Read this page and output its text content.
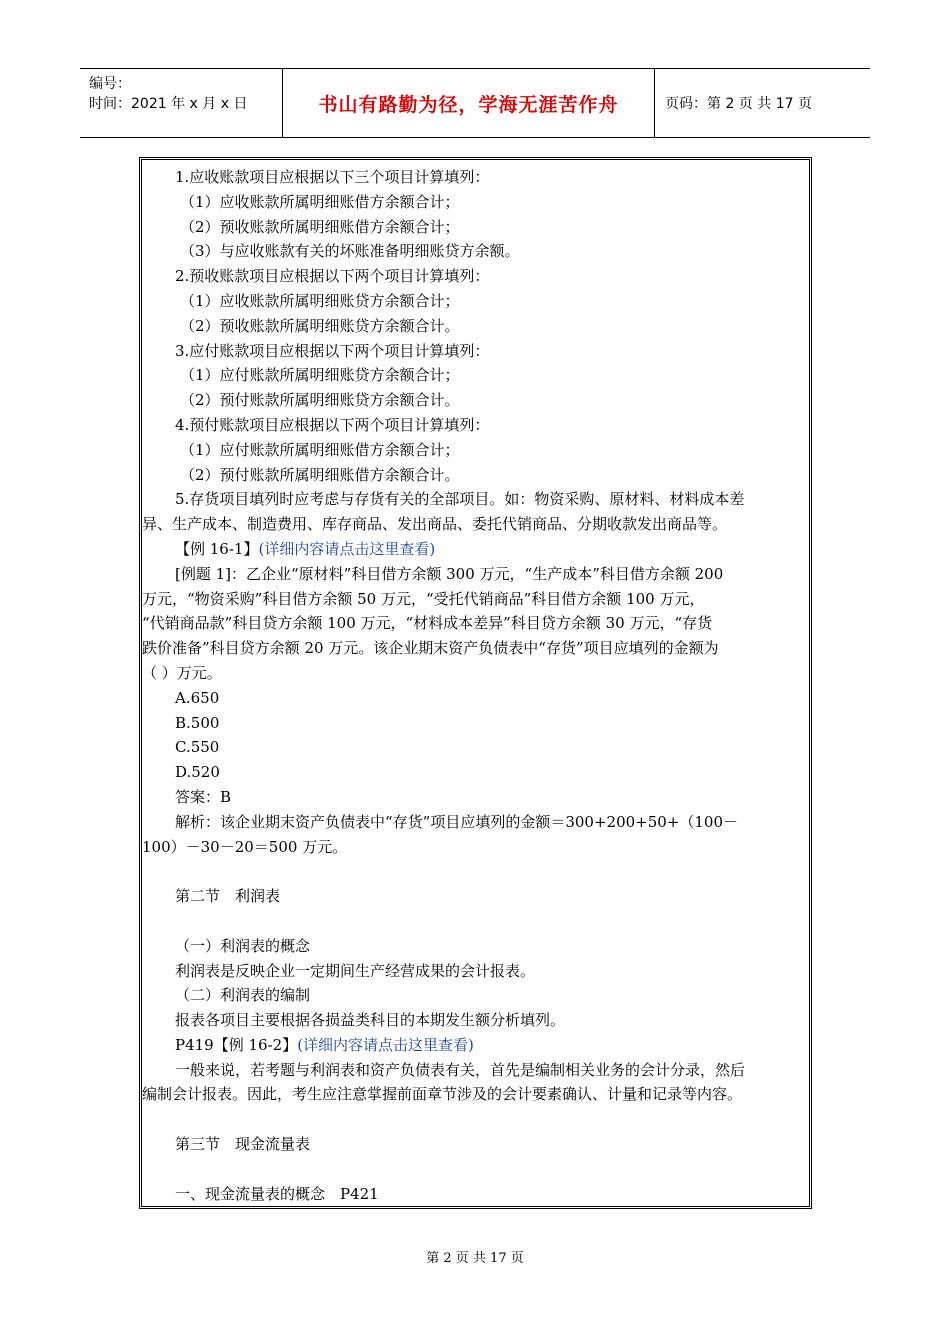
编号：
时间：2021 年 x 月 x 日	书山有路勤为径，学海无涯苦作舟	页码：第 2 页 共 17 页
1.应收账款项目应根据以下三个项目计算填列：
（1）应收账款所属明细账借方余额合计；
（2）预收账款所属明细账借方余额合计；
（3）与应收账款有关的坏账准备明细账贷方余额。
2.预收账款项目应根据以下两个项目计算填列：
（1）应收账款所属明细账贷方余额合计；
（2）预收账款所属明细账贷方余额合计。
3.应付账款项目应根据以下两个项目计算填列：
（1）应付账款所属明细账贷方余额合计；
（2）预付账款所属明细账贷方余额合计。
4.预付账款项目应根据以下两个项目计算填列：
（1）应付账款所属明细账借方余额合计；
（2）预付账款所属明细账借方余额合计。
5.存货项目填列时应考虑与存货有关的全部项目。如：物资采购、原材料、材料成本差
异、生产成本、制造费用、库存商品、发出商品、委托代销商品、分期收款发出商品等。
【例 16-1】(详细内容请点击这里查看)
[例题 1]：乙企业“原材料”科目借方余额 300 万元，“生产成本”科目借方余额 200
万元，“物资采购”科目借方余额 50 万元，“受托代销商品”科目借方余额 100 万元，
“代销商品款”科目贷方余额 100 万元，“材料成本差异”科目贷方余额 30 万元，“存货
跌价准备”科目贷方余额 20 万元。该企业期末资产负债表中“存货”项目应填列的金额为
（ ）万元。
A.650
B.500
C.550
D.520
答案：B
解析：该企业期末资产负债表中“存货”项目应填列的金额＝300+200+50+（100－
100）－30－20＝500 万元。
第二节　利润表
（一）利润表的概念
利润表是反映企业一定期间生产经营成果的会计报表。
（二）利润表的编制
报表各项目主要根据各损益类科目的本期发生额分析填列。
P419【例 16-2】(详细内容请点击这里查看)
一般来说，若考题与利润表和资产负债表有关，首先是编制相关业务的会计分录，然后
编制会计报表。因此，考生应注意掌握前面章节涉及的会计要素确认、计量和记录等内容。
第三节　现金流量表
一、现金流量表的概念　P421
第 2 页 共 17 页
